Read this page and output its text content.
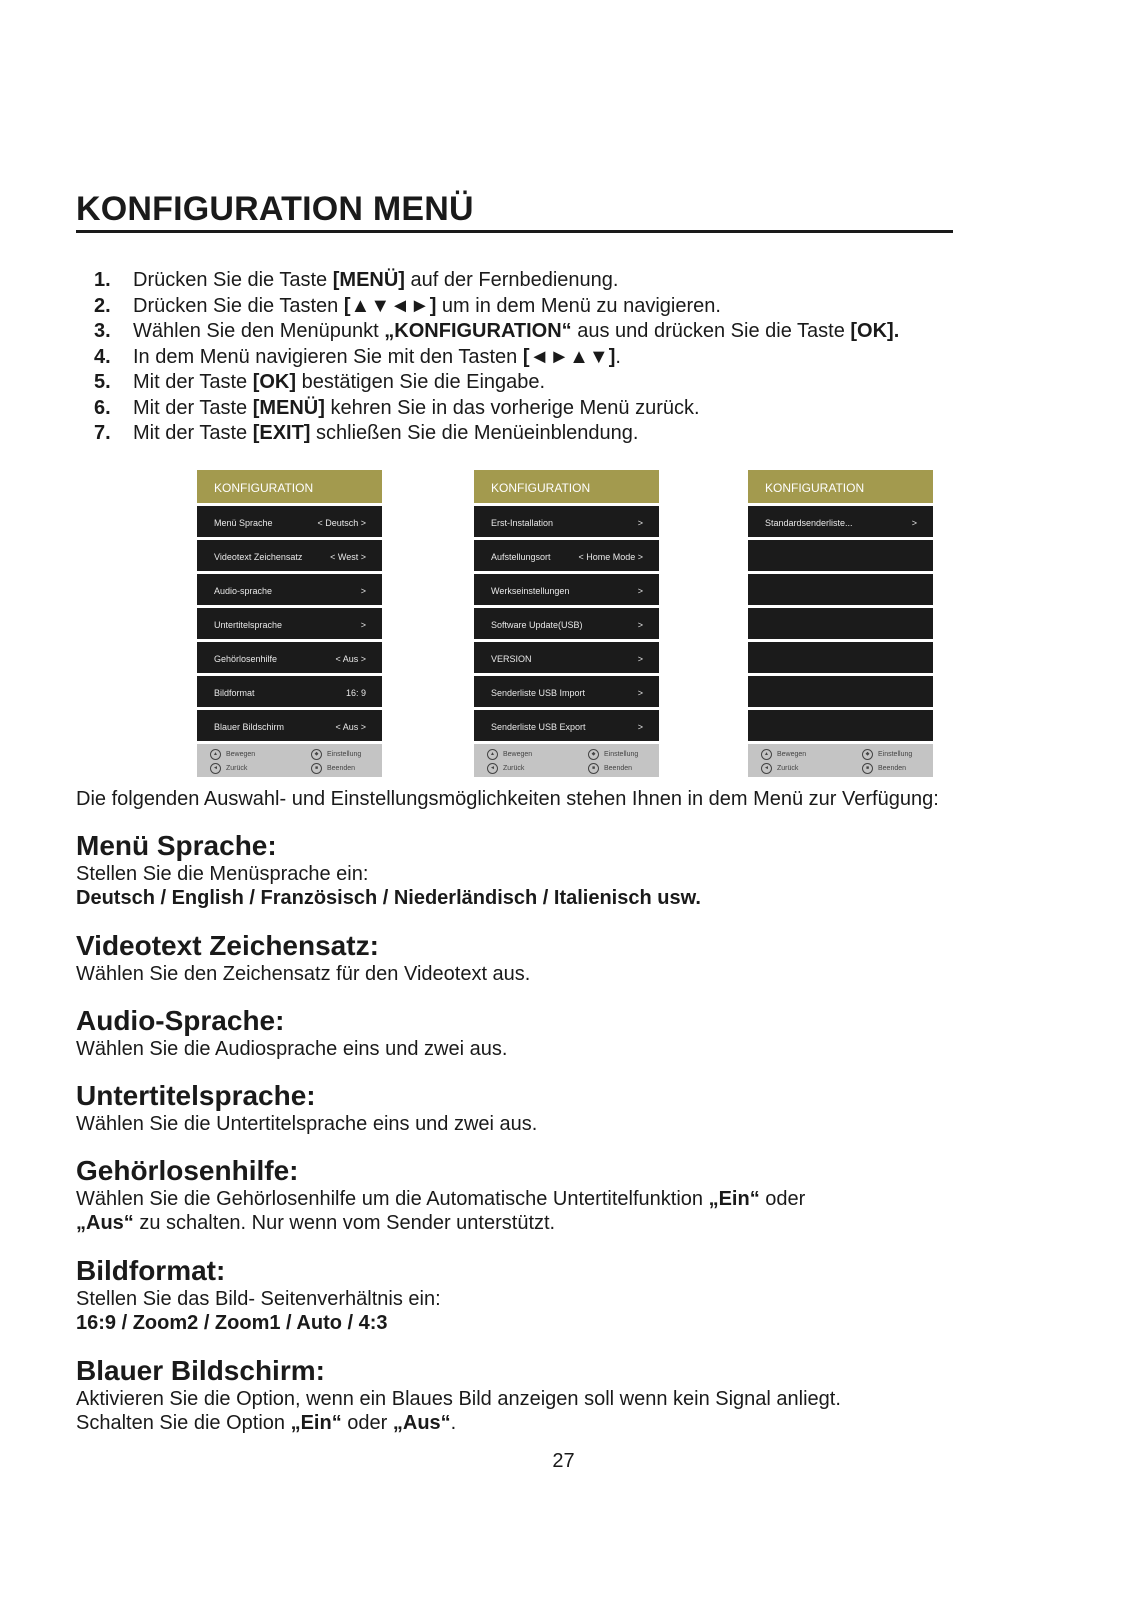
KONFIGURATION MENÜ
1. Drücken Sie die Taste [MENÜ] auf der Fernbedienung.
2. Drücken Sie die Tasten [▲▼◄►] um in dem Menü zu navigieren.
3. Wählen Sie den Menüpunkt „KONFIGURATION“ aus und drücken Sie die Taste [OK].
4. In dem Menü navigieren Sie mit den Tasten [◄►▲▼].
5. Mit der Taste [OK] bestätigen Sie die Eingabe.
6. Mit der Taste [MENÜ] kehren Sie in das vorherige Menü zurück.
7. Mit der Taste [EXIT] schließen Sie die Menüeinblendung.
KONFIGURATION
Menü Sprache	< Deutsch >
Videotext Zeichensatz	< West >
Audio-sprache	>
Untertitelsprache	>
Gehörlosenhilfe	< Aus >
Bildformat	16: 9
Blauer Bildschirm	< Aus >
▲	Bewegen
◄	Zurück
◆	Einstellung
■	Beenden
KONFIGURATION
Erst-Installation	>
Aufstellungsort	< Home Mode >
Werkseinstellungen	>
Software Update(USB)	>
VERSION	>
Senderliste USB Import	>
Senderliste USB Export	>
▲	Bewegen
◄	Zurück
◆	Einstellung
■	Beenden
KONFIGURATION
Standardsenderliste...	>
▲	Bewegen
◄	Zurück
◆	Einstellung
■	Beenden
Die folgenden Auswahl- und Einstellungsmöglichkeiten stehen Ihnen in dem Menü zur Verfügung:
Menü Sprache:

Stellen Sie die Menüsprache ein:

Deutsch / English / Französisch / Niederländisch / Italienisch usw.

Videotext Zeichensatz:

Wählen Sie den Zeichensatz für den Videotext aus.

Audio-Sprache:

Wählen Sie die Audiosprache eins und zwei aus.

Untertitelsprache:

Wählen Sie die Untertitelsprache eins und zwei aus.

Gehörlosenhilfe:

Wählen Sie die Gehörlosenhilfe um die Automatische Untertitelfunktion „Ein“ oder
„Aus“ zu schalten. Nur wenn vom Sender unterstützt.

Bildformat:

Stellen Sie das Bild- Seitenverhältnis ein:

16:9 / Zoom2 / Zoom1 / Auto / 4:3

Blauer Bildschirm:

Aktivieren Sie die Option, wenn ein Blaues Bild anzeigen soll wenn kein Signal anliegt.

Schalten Sie die Option „Ein“ oder „Aus“.

27
